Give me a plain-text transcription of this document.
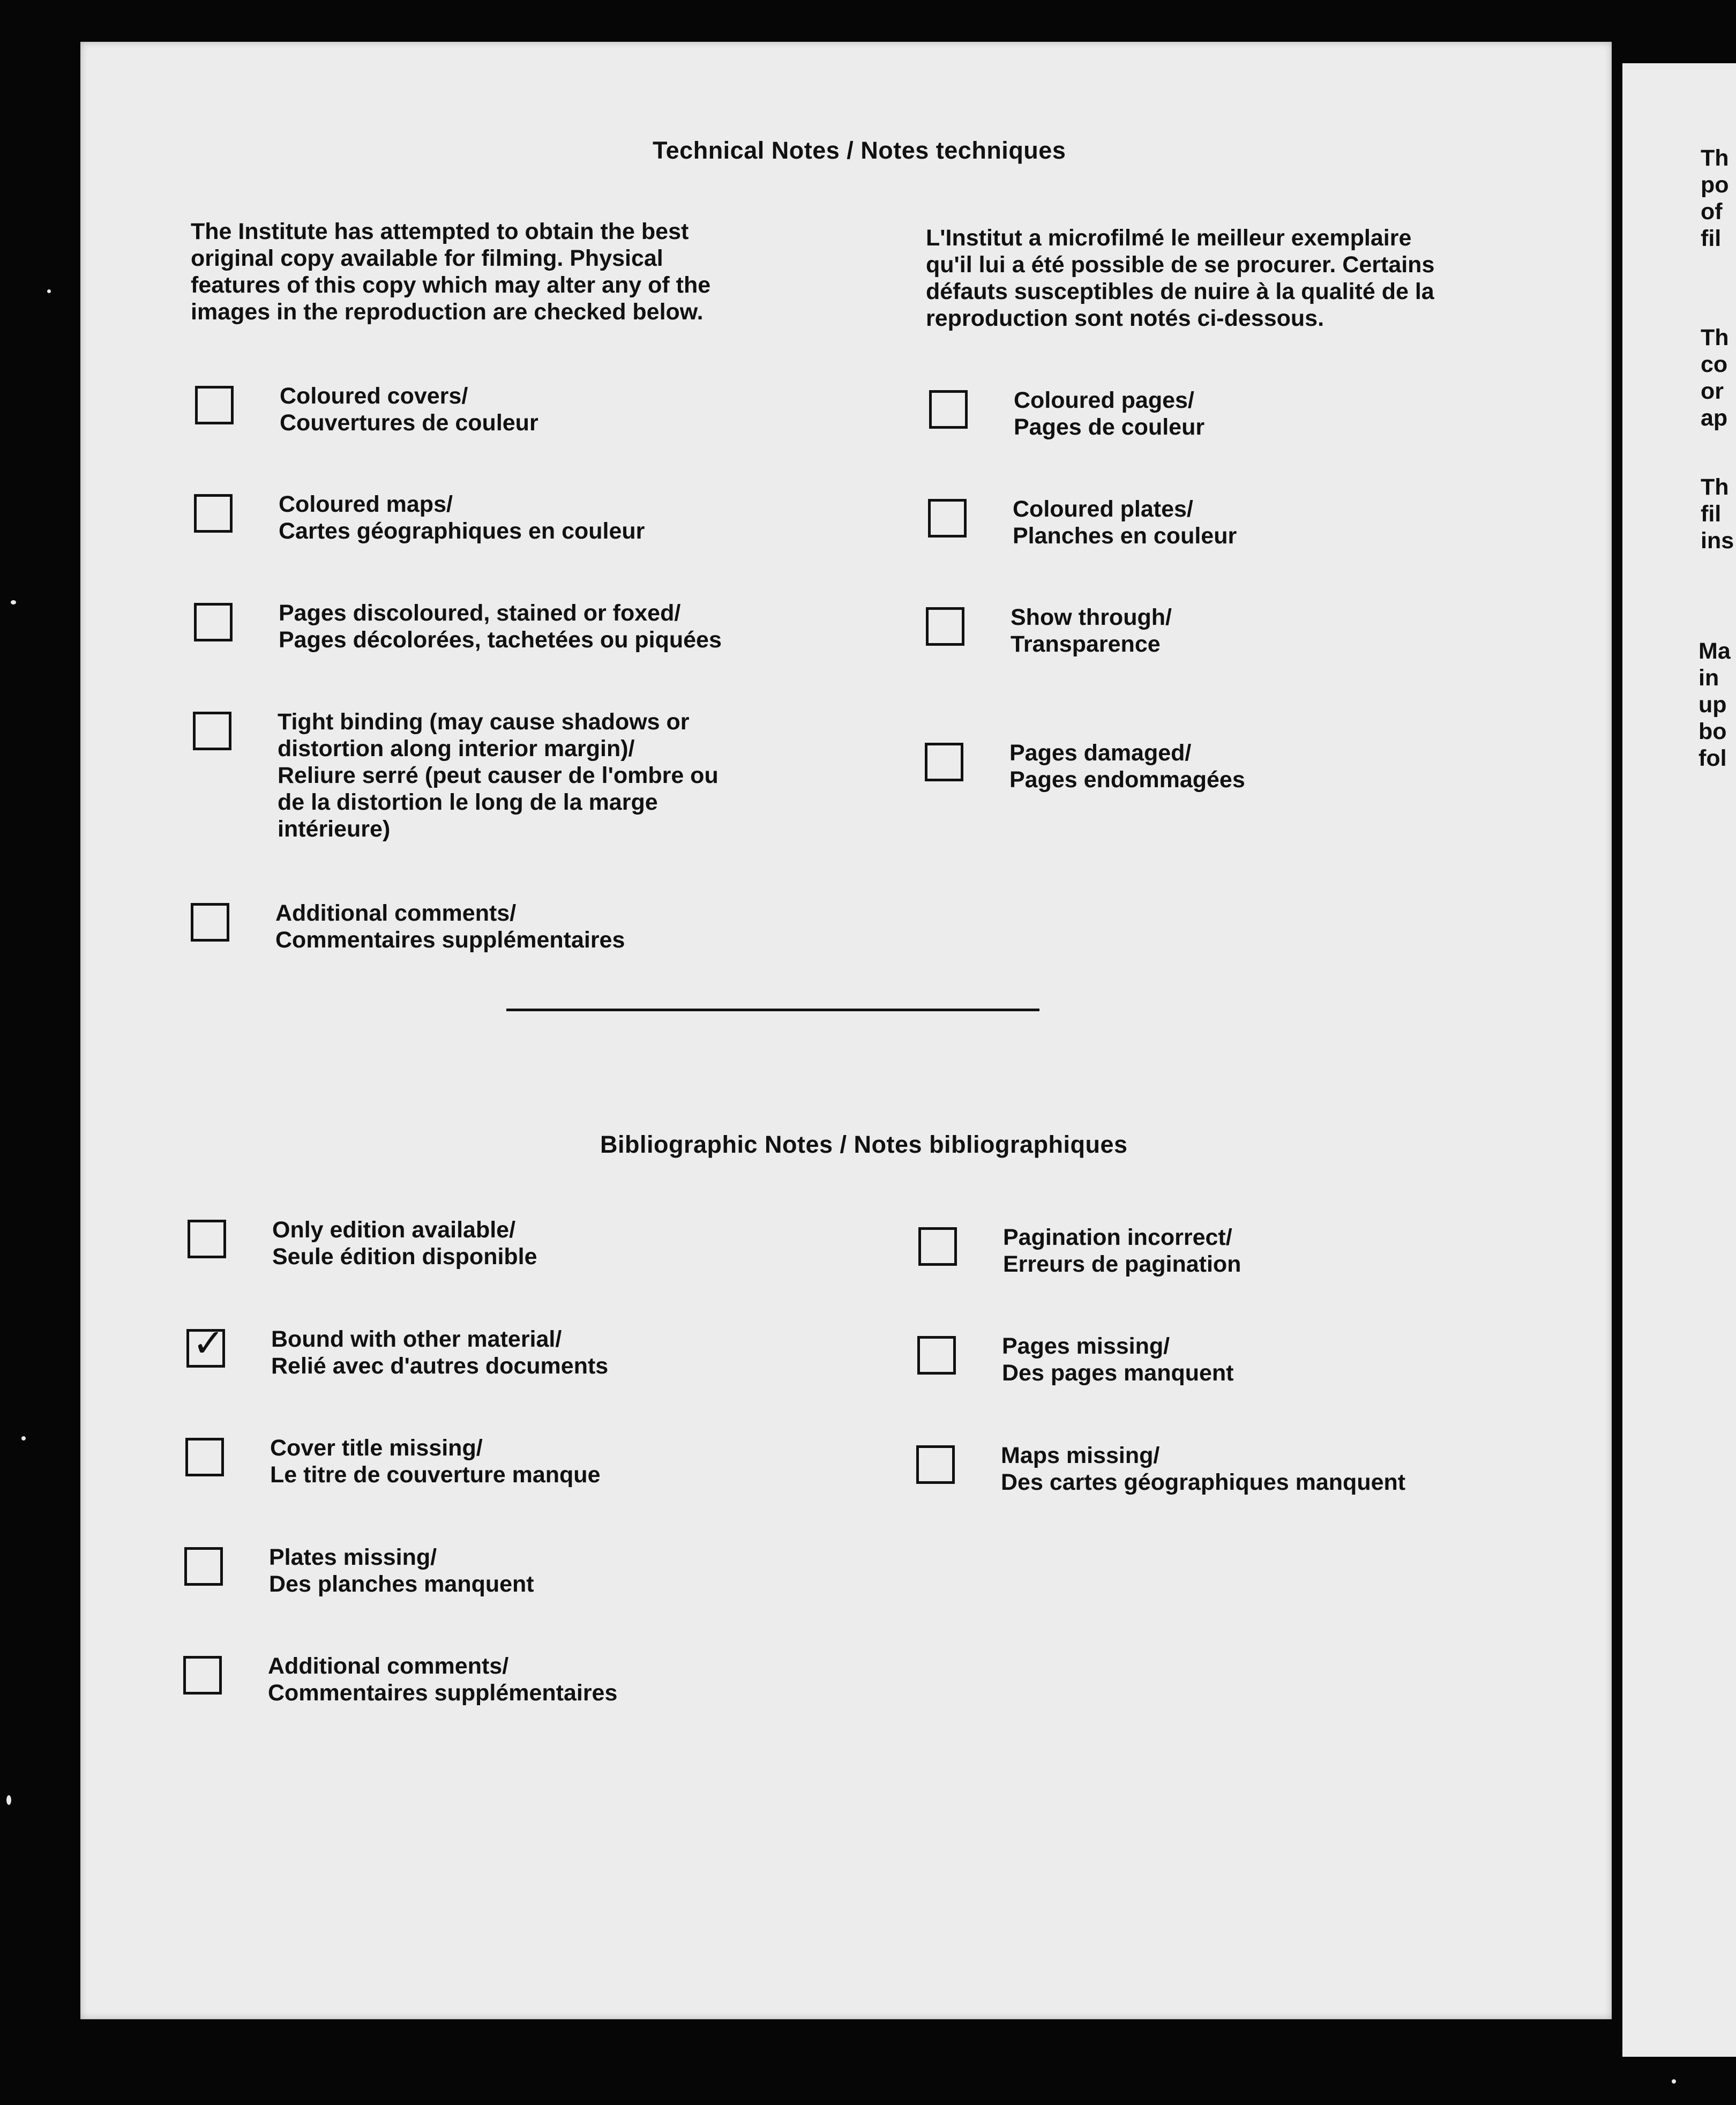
Technical Notes / Notes techniques
The Institute has attempted to obtain the best
original copy available for filming. Physical
features of this copy which may alter any of the
images in the reproduction are checked below.
L'Institut a microfilmé le meilleur exemplaire
qu'il lui a été possible de se procurer. Certains
défauts susceptibles de nuire à la qualité de la
reproduction sont notés ci-dessous.
Coloured covers/
Couvertures de couleur
Coloured maps/
Cartes géographiques en couleur
Pages discoloured, stained or foxed/
Pages décolorées, tachetées ou piquées
Tight binding (may cause shadows or
distortion along interior margin)/
Reliure serré (peut causer de l'ombre ou
de la distortion le long de la marge
intérieure)
Additional comments/
Commentaires supplémentaires
Coloured pages/
Pages de couleur
Coloured plates/
Planches en couleur
Show through/
Transparence
Pages damaged/
Pages endommagées
Bibliographic Notes / Notes bibliographiques
Only edition available/
Seule édition disponible
✓ Bound with other material/
Relié avec d'autres documents
Cover title missing/
Le titre de couverture manque
Plates missing/
Des planches manquent
Additional comments/
Commentaires supplémentaires
Pagination incorrect/
Erreurs de pagination
Pages missing/
Des pages manquent
Maps missing/
Des cartes géographiques manquent
Th
po
of
fil
Th
co
or
ap
Th
fil
ins
Ma
in
up
bo
fol
